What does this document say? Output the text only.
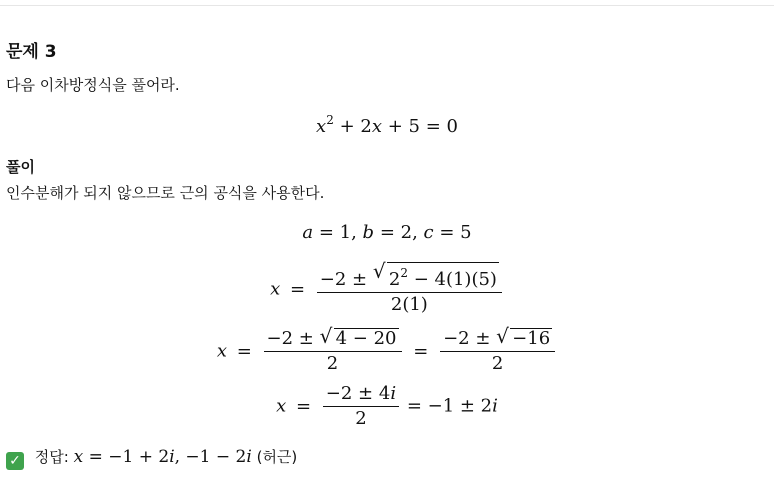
문제 3
다음 이차방정식을 풀어라.
$x^2 + 2x + 5 = 0$
풀이
인수분해가 되지 않으므로 근의 공식을 사용한다.
a = 1, b = 2, c = 5
$x = \frac{-2 \pm √ 2^2 - 4(1)(5)}{2(1)}$
$x = \frac{-2 \pm √ 4 - 20}{2} = \frac{-2 \pm √ -16}{2}$
$x = \frac{-2 \pm 4i}{2} = -1 \pm 2i$
✓ 정답: x = −1 + 2i, −1 − 2i (허근)
